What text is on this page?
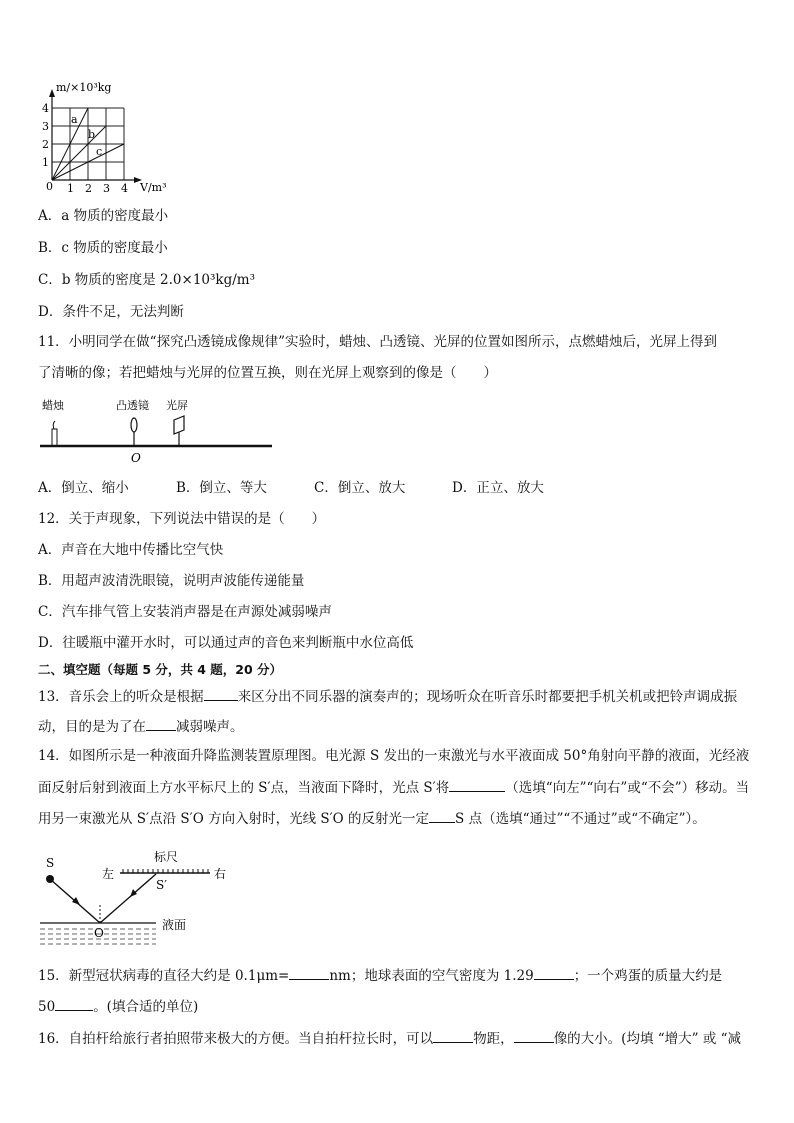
a
b
c
m/×10³kg
V/m³
0
1
2
3
4
1 2 3 4
A．a 物质的密度最小
B．c 物质的密度最小
C．b 物质的密度是 2.0×10³kg/m³
D．条件不足，无法判断
11．小明同学在做“探究凸透镜成像规律”实验时，蜡烛、凸透镜、光屏的位置如图所示，点燃蜡烛后，光屏上得到
了清晰的像；若把蜡烛与光屏的位置互换，则在光屏上观察到的像是（　　）
蜡烛	凸透镜 光屏
O
A．倒立、缩小	B．倒立、等大	C．倒立、放大	D．正立、放大
12．关于声现象，下列说法中错误的是（　　）
A．声音在大地中传播比空气快
B．用超声波清洗眼镜，说明声波能传递能量
C．汽车排气管上安装消声器是在声源处减弱噪声
D．往暖瓶中灌开水时，可以通过声的音色来判断瓶中水位高低
二、填空题（每题 5 分，共 4 题，20 分）
13．音乐会上的听众是根据	来区分出不同乐器的演奏声的；现场听众在听音乐时都要把手机关机或把铃声调成振
动，目的是为了在 减弱噪声。
14．如图所示是一种液面升降监测装置原理图。电光源 S 发出的一束激光与水平液面成 50°角射向平静的液面，光经液
面反射后射到液面上方水平标尺上的 S′点，当液面下降时，光点 S′将	（选填“向左”“向右”或“不会”）移动。当
用另一束激光从 S′点沿 S′O 方向入射时，光线 S′O 的反射光一定 S 点（选填“通过”“不通过”或“不确定”）。
标尺
左	右
S
S′
O
液面
15．新型冠状病毒的直径大约是 0.1μm=	nm；地球表面的空气密度为 1.29	；一个鸡蛋的质量大约是
50	。(填合适的单位)
16．自拍杆给旅行者拍照带来极大的方便。当自拍杆拉长时，可以	物距，	像的大小。(均填 “增大” 或 “减
